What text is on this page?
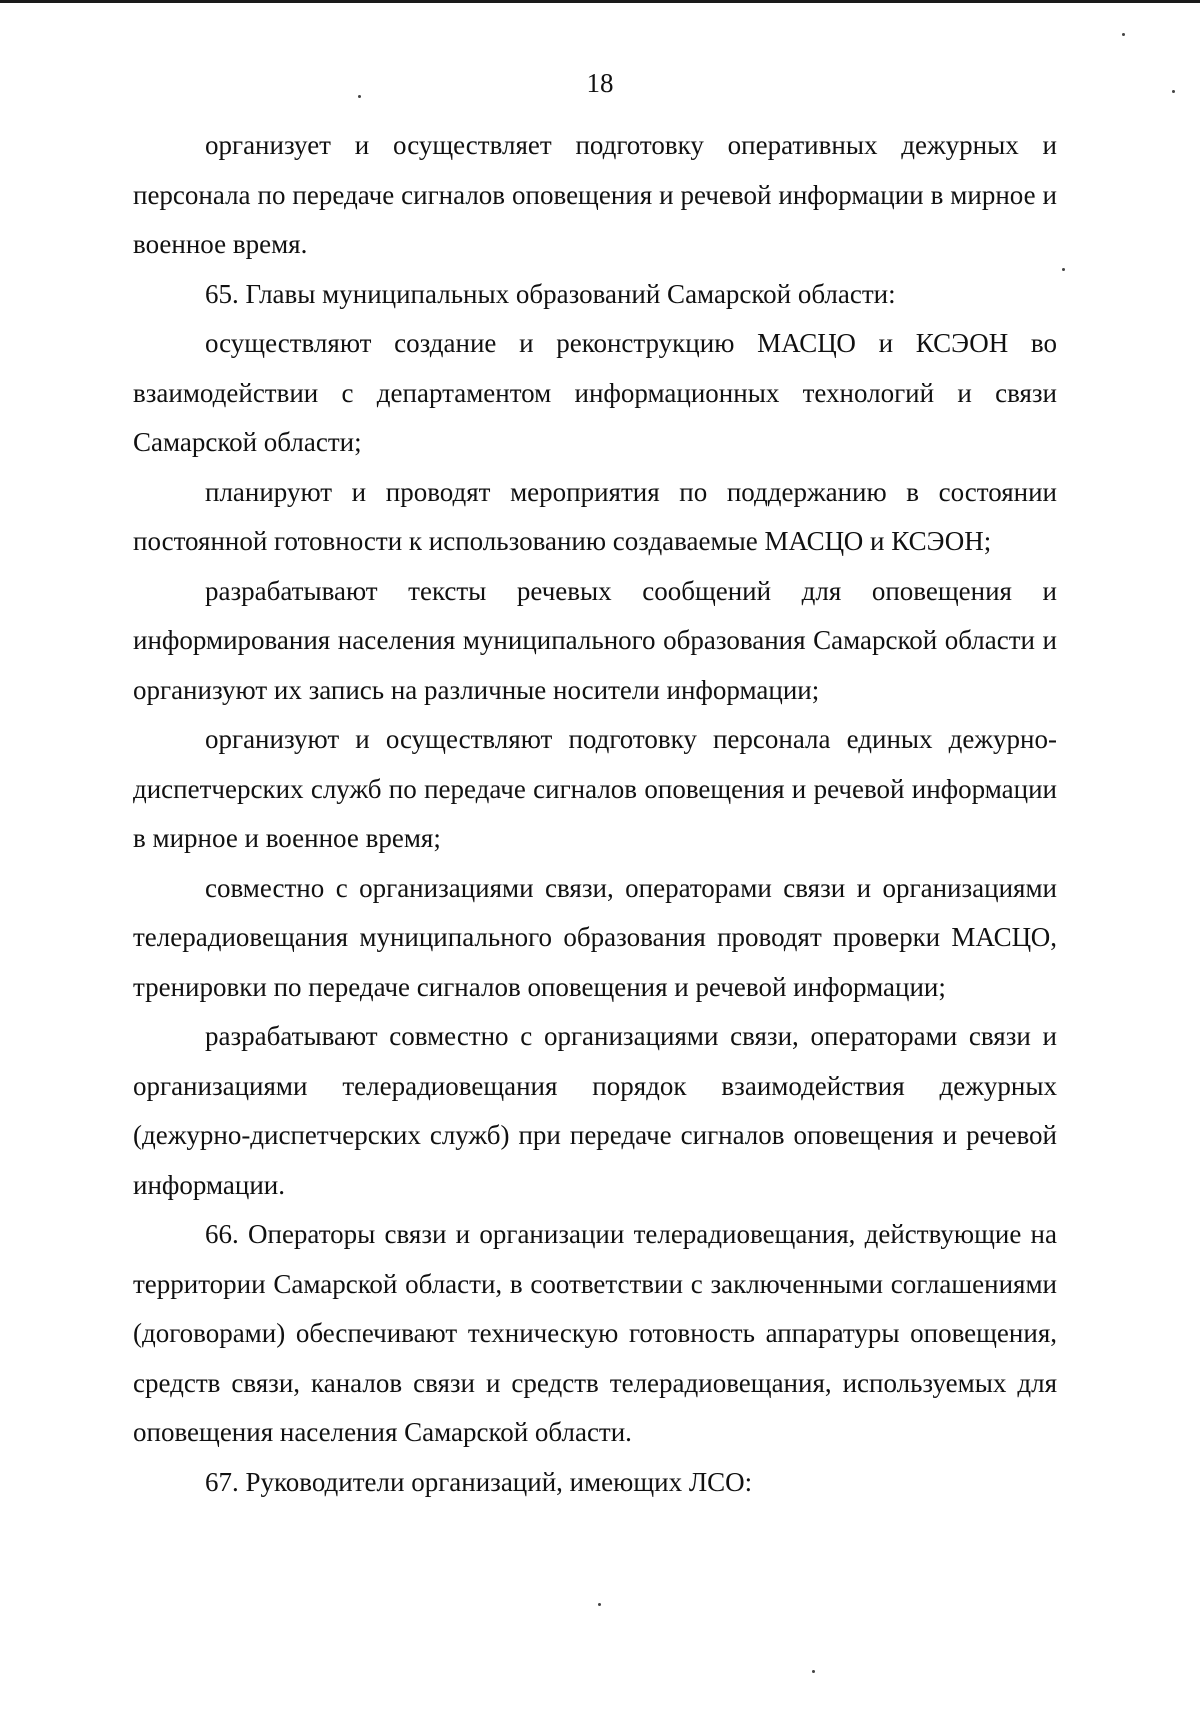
18

организует и осуществляет подготовку оперативных дежурных и персонала по передаче сигналов оповещения и речевой информации в мирное и военное время.

65. Главы муниципальных образований Самарской области:

осуществляют создание и реконструкцию МАСЦО и КСЭОН во взаимодействии с департаментом информационных технологий и связи Самарской области;

планируют и проводят мероприятия по поддержанию в состоянии постоянной готовности к использованию создаваемые МАСЦО и КСЭОН;

разрабатывают тексты речевых сообщений для оповещения и информирования населения муниципального образования Самарской области и организуют их запись на различные носители информации;

организуют и осуществляют подготовку персонала единых дежурно-диспетчерских служб по передаче сигналов оповещения и речевой информации в мирное и военное время;

совместно с организациями связи, операторами связи и организациями телерадиовещания муниципального образования проводят проверки МАСЦО, тренировки по передаче сигналов оповещения и речевой информации;

разрабатывают совместно с организациями связи, операторами связи и организациями телерадиовещания порядок взаимодействия дежурных (дежурно-диспетчерских служб) при передаче сигналов оповещения и речевой информации.

66. Операторы связи и организации телерадиовещания, действующие на территории Самарской области, в соответствии с заключенными соглашениями (договорами) обеспечивают техническую готовность аппаратуры оповещения, средств связи, каналов связи и средств телерадиовещания, используемых для оповещения населения Самарской области.

67. Руководители организаций, имеющих ЛСО:
